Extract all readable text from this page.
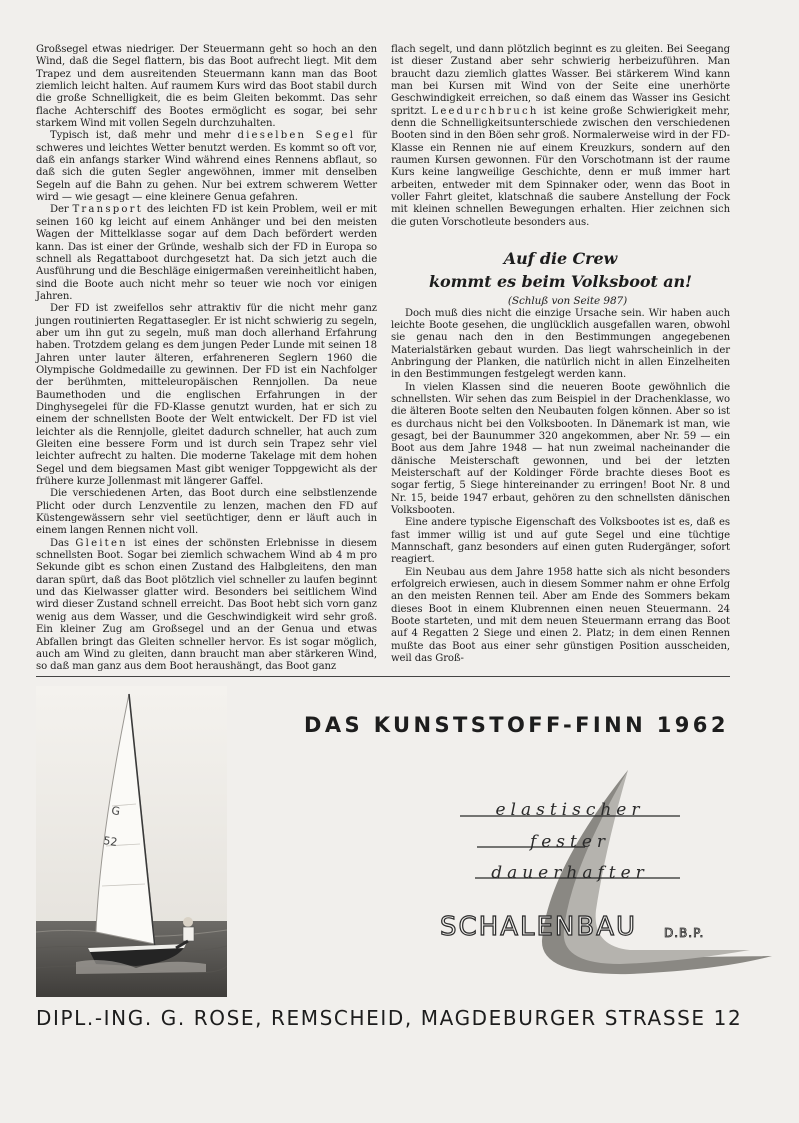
Großsegel etwas niedriger. Der Steuermann geht so hoch an den Wind, daß die Segel flattern, bis das Boot aufrecht liegt. Mit dem Trapez und dem ausreitenden Steuermann kann man das Boot ziemlich leicht halten. Auf raumem Kurs wird das Boot stabil durch die große Schnelligkeit, die es beim Gleiten bekommt. Das sehr flache Achterschiff des Bootes ermöglicht es sogar, bei sehr starkem Wind mit vollen Segeln durchzuhalten.

Typisch ist, daß mehr und mehr dieselben Segel für schweres und leichtes Wetter benutzt werden. Es kommt so oft vor, daß ein anfangs starker Wind während eines Rennens abflaut, so daß sich die guten Segler angewöhnen, immer mit denselben Segeln auf die Bahn zu gehen. Nur bei extrem schwerem Wetter wird — wie gesagt — eine kleinere Genua gefahren.

Der Transport des leichten FD ist kein Problem, weil er mit seinen 160 kg leicht auf einem Anhänger und bei den meisten Wagen der Mittelklasse sogar auf dem Dach befördert werden kann. Das ist einer der Gründe, weshalb sich der FD in Europa so schnell als Regattaboot durchgesetzt hat. Da sich jetzt auch die Ausführung und die Beschläge einigermaßen vereinheitlicht haben, sind die Boote auch nicht mehr so teuer wie noch vor einigen Jahren.

Der FD ist zweifellos sehr attraktiv für die nicht mehr ganz jungen routinierten Regattasegler. Er ist nicht schwierig zu segeln, aber um ihn gut zu segeln, muß man doch allerhand Erfahrung haben. Trotzdem gelang es dem jungen Peder Lunde mit seinen 18 Jahren unter lauter älteren, erfahreneren Seglern 1960 die Olympische Goldmedaille zu gewinnen. Der FD ist ein Nachfolger der berühmten, mitteleuropäischen Rennjollen. Da neue Baumethoden und die englischen Erfahrungen in der Dinghysegelei für die FD-Klasse genutzt wurden, hat er sich zu einem der schnellsten Boote der Welt entwickelt. Der FD ist viel leichter als die Rennjolle, gleitet dadurch schneller, hat auch zum Gleiten eine bessere Form und ist durch sein Trapez sehr viel leichter aufrecht zu halten. Die moderne Takelage mit dem hohen Segel und dem biegsamen Mast gibt weniger Toppgewicht als der frühere kurze Jollenmast mit längerer Gaffel.

Die verschiedenen Arten, das Boot durch eine selbstlenzende Plicht oder durch Lenzventile zu lenzen, machen den FD auf Küstengewässern sehr viel seetüchtiger, denn er läuft auch in einem langen Rennen nicht voll.

Das Gleiten ist eines der schönsten Erlebnisse in diesem schnellsten Boot. Sogar bei ziemlich schwachem Wind ab 4 m pro Sekunde gibt es schon einen Zustand des Halbgleitens, den man daran spürt, daß das Boot plötzlich viel schneller zu laufen beginnt und das Kielwasser glatter wird. Besonders bei seitlichem Wind wird dieser Zustand schnell erreicht. Das Boot hebt sich vorn ganz wenig aus dem Wasser, und die Geschwindigkeit wird sehr groß. Ein kleiner Zug am Großsegel und an der Genua und etwas Abfallen bringt das Gleiten schneller hervor. Es ist sogar möglich, auch am Wind zu gleiten, dann braucht man aber stärkeren Wind, so daß man ganz aus dem Boot heraushängt, das Boot ganz

flach segelt, und dann plötzlich beginnt es zu gleiten. Bei Seegang ist dieser Zustand aber sehr schwierig herbeizuführen. Man braucht dazu ziemlich glattes Wasser. Bei stärkerem Wind kann man bei Kursen mit Wind von der Seite eine unerhörte Geschwindigkeit erreichen, so daß einem das Wasser ins Gesicht spritzt. Leedurchbruch ist keine große Schwierigkeit mehr, denn die Schnelligkeitsunterschiede zwischen den verschiedenen Booten sind in den Böen sehr groß. Normalerweise wird in der FD-Klasse ein Rennen nie auf einem Kreuzkurs, sondern auf den raumen Kursen gewonnen. Für den Vorschotmann ist der raume Kurs keine langweilige Geschichte, denn er muß immer hart arbeiten, entweder mit dem Spinnaker oder, wenn das Boot in voller Fahrt gleitet, klatschnaß die saubere Anstellung der Fock mit kleinen schnellen Bewegungen erhalten. Hier zeichnen sich die guten Vorschotleute besonders aus.

Auf die Crew
kommt es beim Volksboot an!

(Schluß von Seite 987)

Doch muß dies nicht die einzige Ursache sein. Wir haben auch leichte Boote gesehen, die unglücklich ausgefallen waren, obwohl sie genau nach den in den Bestimmungen angegebenen Materialstärken gebaut wurden. Das liegt wahrscheinlich in der Anbringung der Planken, die natürlich nicht in allen Einzelheiten in den Bestimmungen festgelegt werden kann.

In vielen Klassen sind die neueren Boote gewöhnlich die schnellsten. Wir sehen das zum Beispiel in der Drachenklasse, wo die älteren Boote selten den Neubauten folgen können. Aber so ist es durchaus nicht bei den Volksbooten. In Dänemark ist man, wie gesagt, bei der Baunummer 320 angekommen, aber Nr. 59 — ein Boot aus dem Jahre 1948 — hat nun zweimal nacheinander die dänische Meisterschaft gewonnen, und bei der letzten Meisterschaft auf der Koldinger Förde brachte dieses Boot es sogar fertig, 5 Siege hintereinander zu erringen! Boot Nr. 8 und Nr. 15, beide 1947 erbaut, gehören zu den schnellsten dänischen Volksbooten.

Eine andere typische Eigenschaft des Volksbootes ist es, daß es fast immer willig ist und auf gute Segel und eine tüchtige Mannschaft, ganz besonders auf einen guten Rudergänger, sofort reagiert.

Ein Neubau aus dem Jahre 1958 hatte sich als nicht besonders erfolgreich erwiesen, auch in diesem Sommer nahm er ohne Erfolg an den meisten Rennen teil. Aber am Ende des Sommers bekam dieses Boot in einem Klubrennen einen neuen Steuermann. 24 Boote starteten, und mit dem neuen Steuermann errang das Boot auf 4 Regatten 2 Siege und einen 2. Platz; in dem einen Rennen mußte das Boot aus einer sehr günstigen Position ausscheiden, weil das Groß-

DAS KUNSTSTOFF-FINN 1962
G
52
elastischer
fester
dauerhafter
SCHALENBAU D.B.P.
DIPL.-ING. G. ROSE, REMSCHEID, MAGDEBURGER STRASSE 12
